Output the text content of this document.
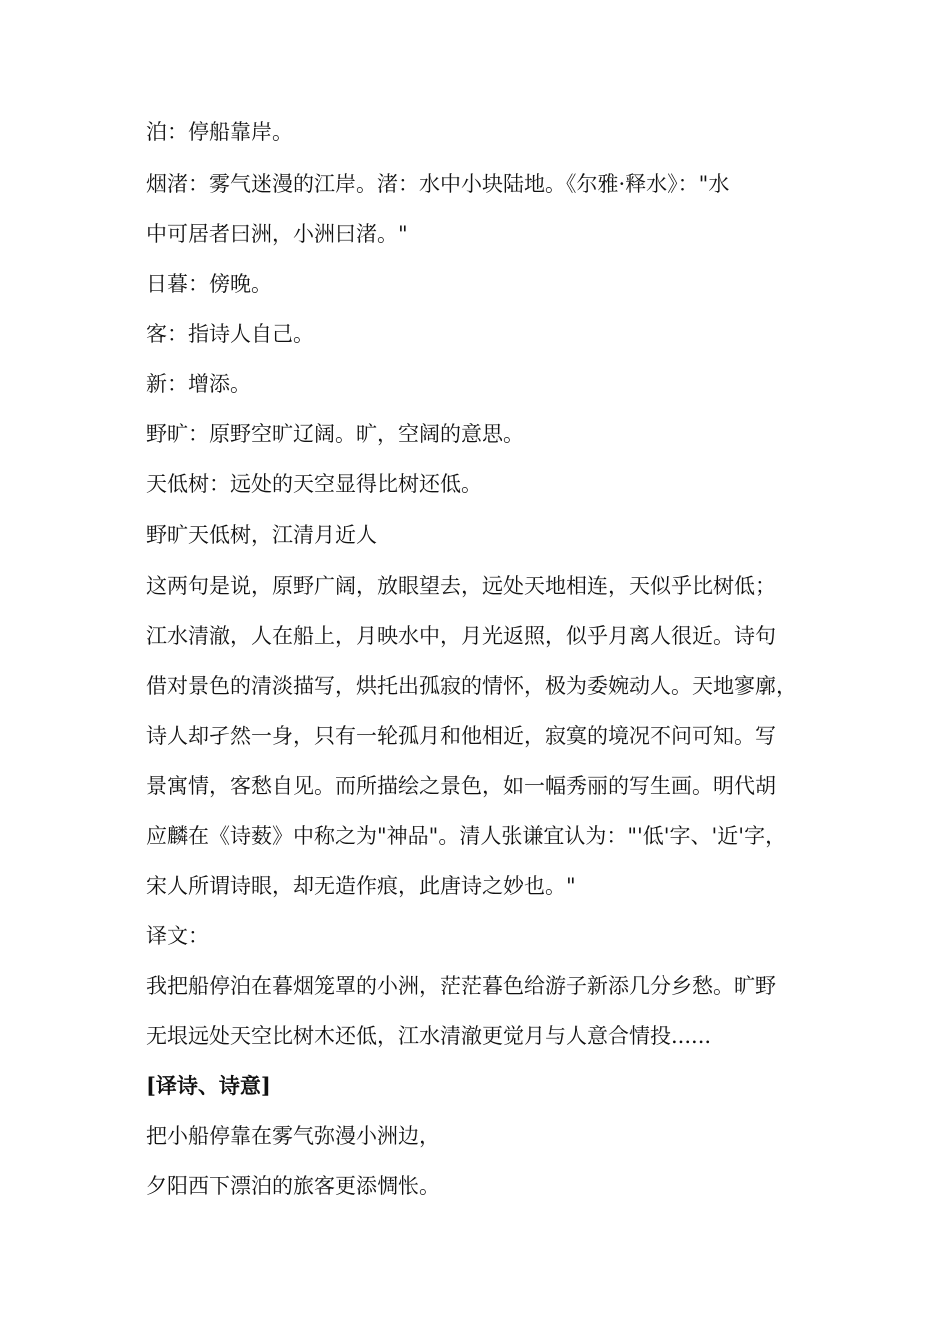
泊：停船靠岸。
烟渚：雾气迷漫的江岸。渚：水中小块陆地。《尔雅·释水》："水
中可居者曰洲，小洲曰渚。"
日暮：傍晚。
客：指诗人自己。
新：增添。
野旷：原野空旷辽阔。旷，空阔的意思。
天低树：远处的天空显得比树还低。
野旷天低树，江清月近人
这两句是说，原野广阔，放眼望去，远处天地相连，天似乎比树低；
江水清澈，人在船上，月映水中，月光返照，似乎月离人很近。诗句
借对景色的清淡描写，烘托出孤寂的情怀，极为委婉动人。天地寥廓，
诗人却孑然一身，只有一轮孤月和他相近，寂寞的境况不问可知。写
景寓情，客愁自见。而所描绘之景色，如一幅秀丽的写生画。明代胡
应麟在《诗薮》中称之为"神品"。清人张谦宜认为："'低'字、'近'字，
宋人所谓诗眼，却无造作痕，此唐诗之妙也。"
译文：
我把船停泊在暮烟笼罩的小洲，茫茫暮色给游子新添几分乡愁。旷野
无垠远处天空比树木还低，江水清澈更觉月与人意合情投......
[译诗、诗意]
把小船停靠在雾气弥漫小洲边，
夕阳西下漂泊的旅客更添惆怅。
